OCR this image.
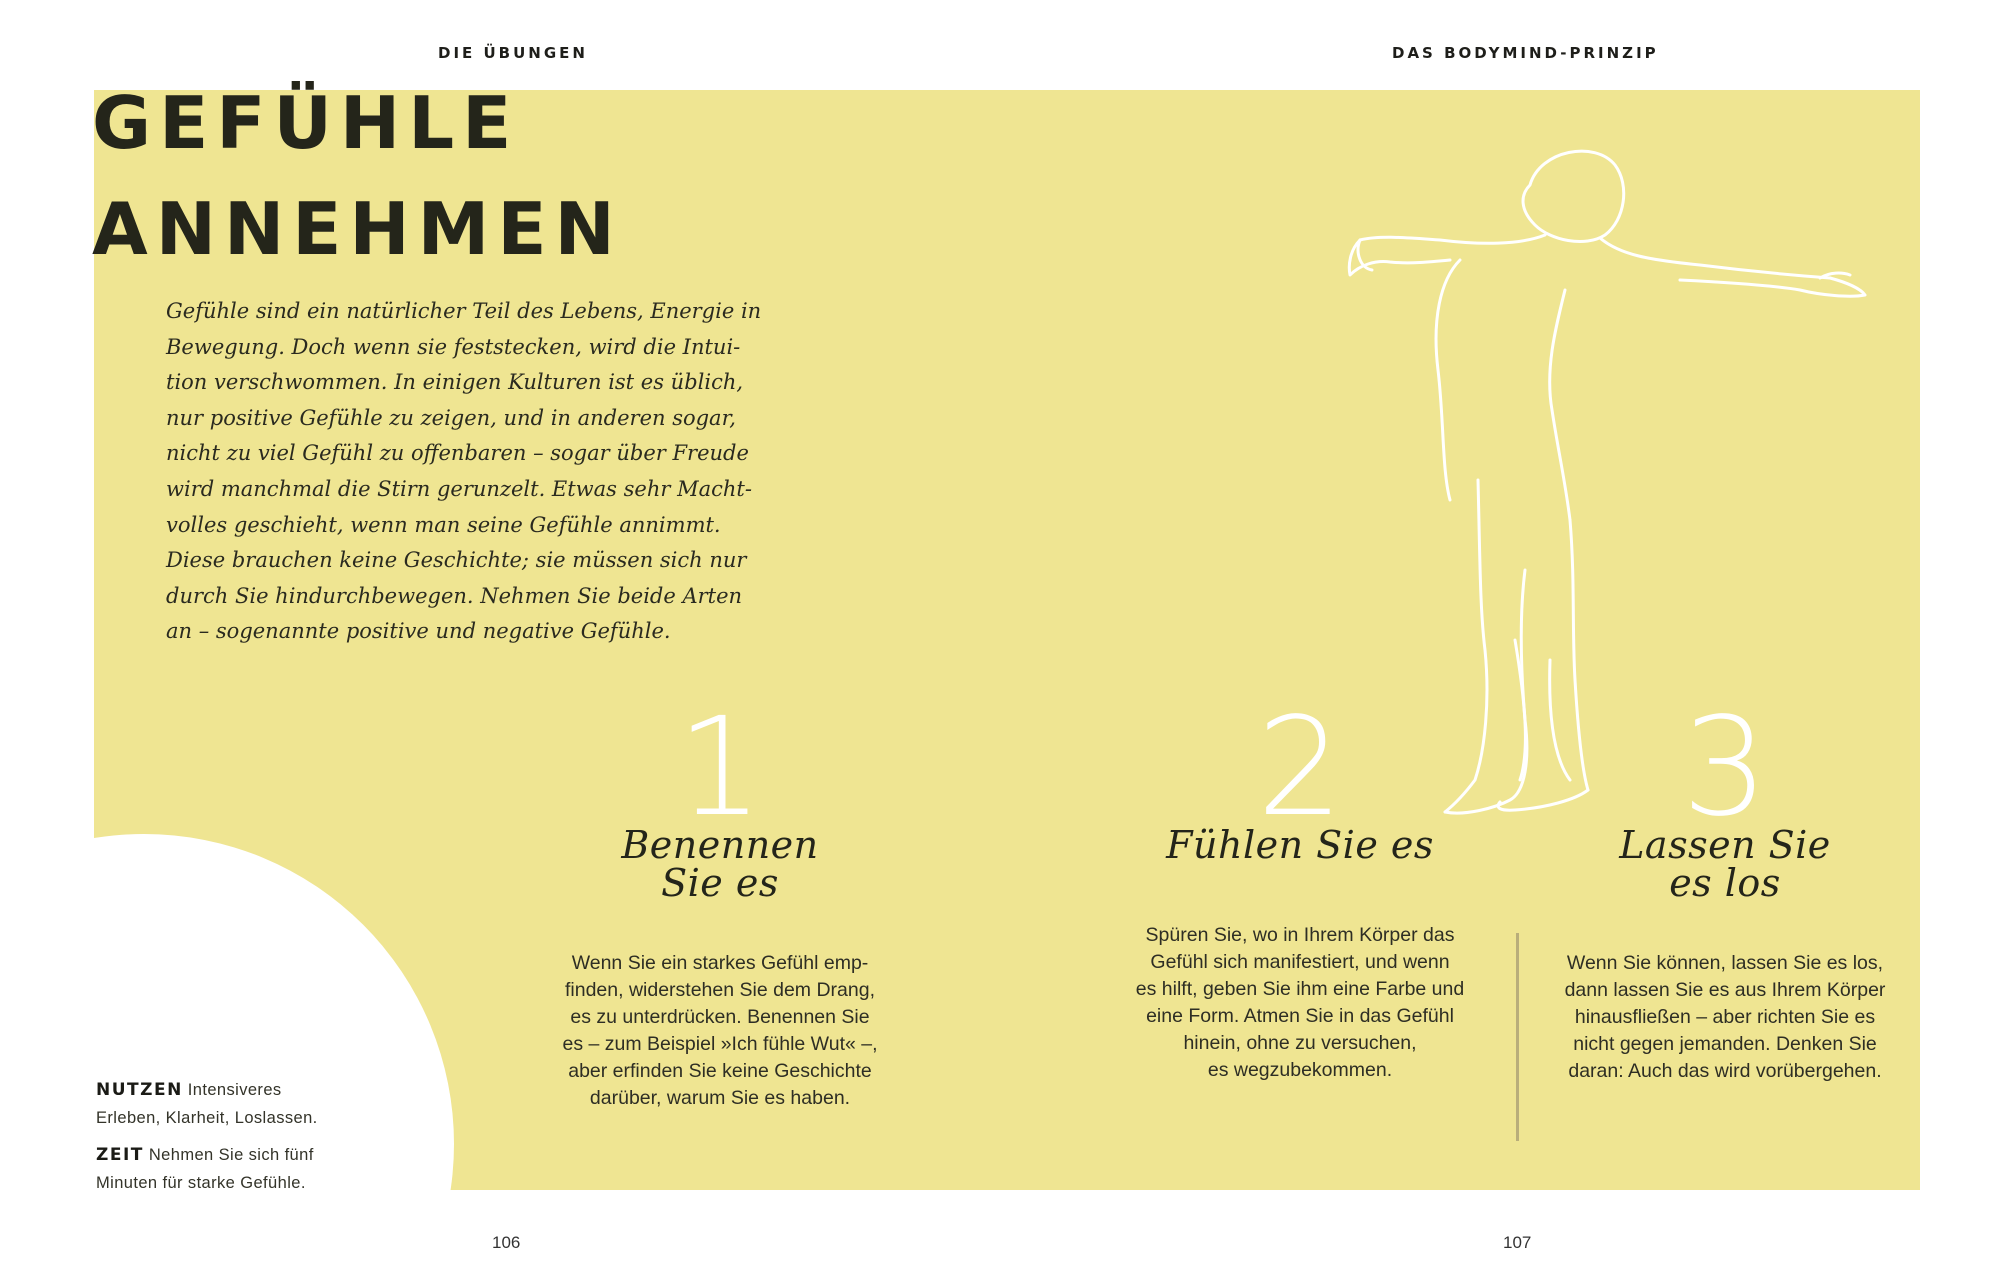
DIE ÜBUNGEN	DAS BODYMIND-PRINZIP
GEFÜHLE
ANNEHMEN
Gefühle sind ein natürlicher Teil des Lebens, Energie in
Bewegung. Doch wenn sie feststecken, wird die Intui-
tion verschwommen. In einigen Kulturen ist es üblich,
nur positive Gefühle zu zeigen, und in anderen sogar,
nicht zu viel Gefühl zu offenbaren – sogar über Freude
wird manchmal die Stirn gerunzelt. Etwas sehr Macht-
volles geschieht, wenn man seine Gefühle annimmt.
Diese brauchen keine Geschichte; sie müssen sich nur
durch Sie hindurchbewegen. Nehmen Sie beide Arten
an – sogenannte positive und negative Gefühle.
NUTZEN Intensiveres
Erleben, Klarheit, Loslassen.
ZEIT Nehmen Sie sich fünf
Minuten für starke Gefühle.
1
Benennen
Sie es
Wenn Sie ein starkes Gefühl emp-
finden, widerstehen Sie dem Drang,
es zu unterdrücken. Benennen Sie
es – zum Beispiel »Ich fühle Wut« –,
aber erfinden Sie keine Geschichte
darüber, warum Sie es haben.
2
Fühlen Sie es
Spüren Sie, wo in Ihrem Körper das
Gefühl sich manifestiert, und wenn
es hilft, geben Sie ihm eine Farbe und
eine Form. Atmen Sie in das Gefühl
hinein, ohne zu versuchen,
es wegzubekommen.
3
Lassen Sie
es los
Wenn Sie können, lassen Sie es los,
dann lassen Sie es aus Ihrem Körper
hinausfließen – aber richten Sie es
nicht gegen jemanden. Denken Sie
daran: Auch das wird vorübergehen.
106	107
